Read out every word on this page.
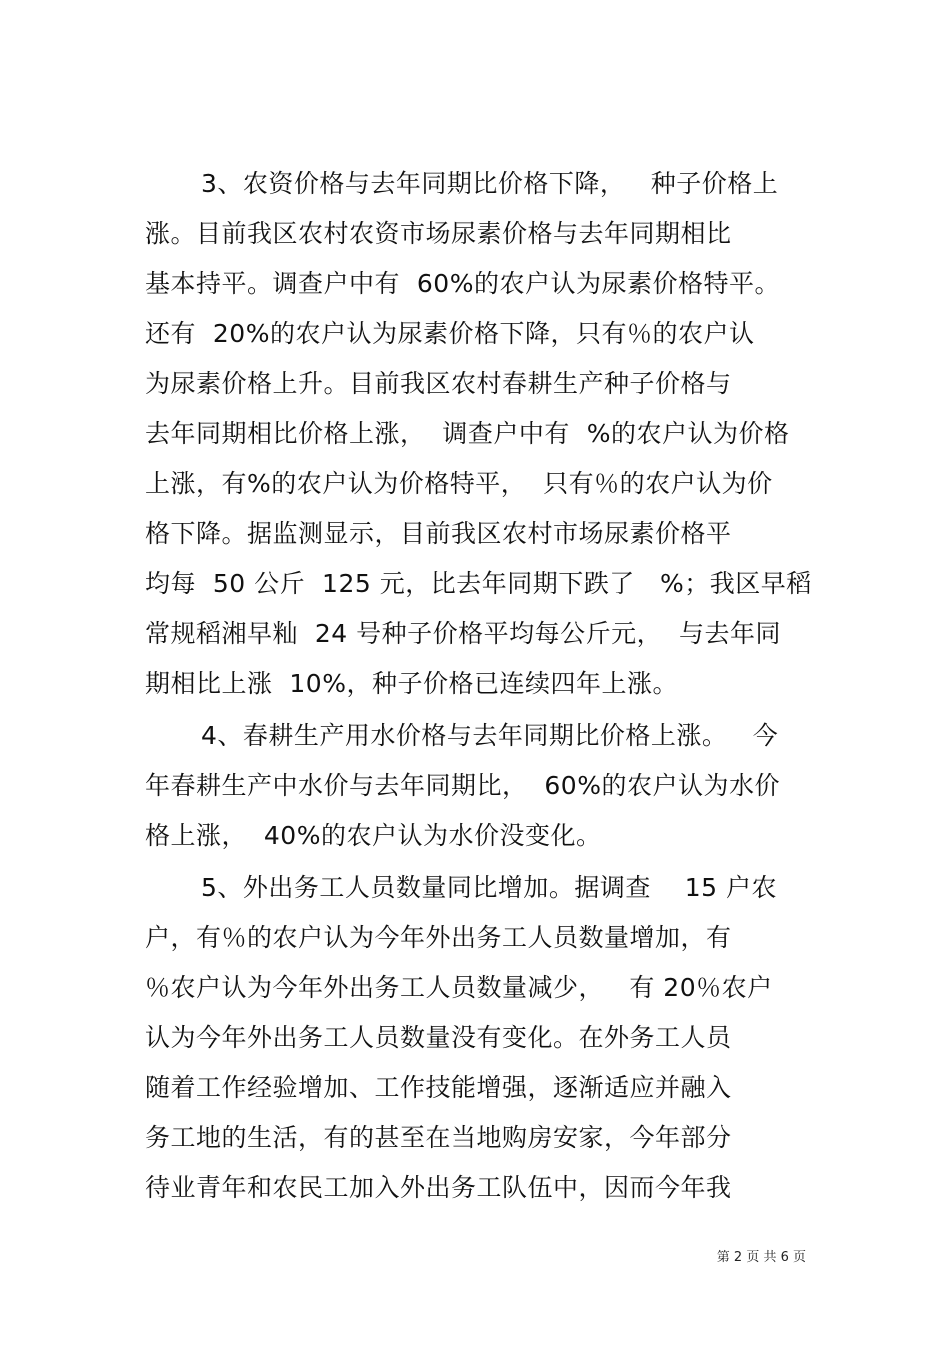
3、农资价格与去年同期比价格下降，   种子价格上
涨。目前我区农村农资市场尿素价格与去年同期相比
基本持平。调查户中有  60%的农户认为尿素价格特平。
还有  20%的农户认为尿素价格下降，只有％的农户认
为尿素价格上升。目前我区农村春耕生产种子价格与
去年同期相比价格上涨，  调查户中有  %的农户认为价格
上涨，有%的农户认为价格特平，  只有％的农户认为价
格下降。据监测显示，目前我区农村市场尿素价格平
均每  50 公斤  125 元，比去年同期下跌了   %；我区早稻
常规稻湘早籼  24 号种子价格平均每公斤元，  与去年同
期相比上涨  10%，种子价格已连续四年上涨。
4、春耕生产用水价格与去年同期比价格上涨。   今
年春耕生产中水价与去年同期比，  60%的农户认为水价
格上涨，  40%的农户认为水价没变化。
5、外出务工人员数量同比增加。据调查    15 户农
户，有％的农户认为今年外出务工人员数量增加，有
％农户认为今年外出务工人员数量减少，   有 20％农户
认为今年外出务工人员数量没有变化。在外务工人员
随着工作经验增加、工作技能增强，逐渐适应并融入
务工地的生活，有的甚至在当地购房安家，今年部分
待业青年和农民工加入外出务工队伍中，因而今年我
第 2 页 共 6 页
